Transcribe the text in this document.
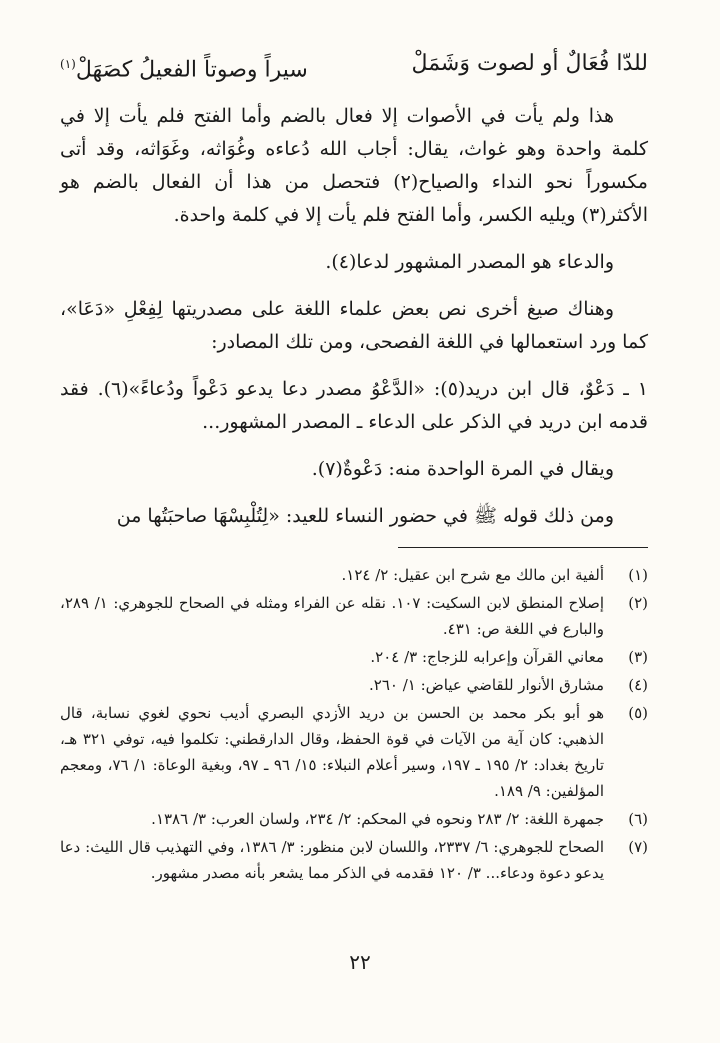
للدّا فُعَالٌ أو لصوت وَشَمَلْ
سيراً وصوتاً الفعيلُ كصَهَلْ$^{(١)}$

هذا ولم يأت في الأصوات إلا فعال بالضم وأما الفتح فلم يأت إلا في كلمة واحدة وهو غواث، يقال: أجاب الله دُعاءه وغُوَاثه، وغَوَاثه، وقد أتى مكسوراً نحو النداء والصياح(٢) فتحصل من هذا أن الفعال بالضم هو الأكثر(٣) ويليه الكسر، وأما الفتح فلم يأت إلا في كلمة واحدة.

والدعاء هو المصدر المشهور لدعا(٤).

وهناك صيغ أخرى نص بعض علماء اللغة على مصدريتها لِفِعْلِ «دَعَا»، كما ورد استعمالها في اللغة الفصحى، ومن تلك المصادر:

١ ـ دَعْوٌ، قال ابن دريد(٥): «الدَّعْوُ مصدر دعا يدعو دَعْواً ودُعاءً»(٦). فقد قدمه ابن دريد في الذكر على الدعاء ـ المصدر المشهور...

ويقال في المرة الواحدة منه: دَعْوةٌ(٧).

ومن ذلك قوله ﷺ في حضور النساء للعيد: «لِتُلْبِسْهَا صاحبَتُها من

(١)
ألفية ابن مالك مع شرح ابن عقيل: ٢/ ١٢٤.
(٢)
إصلاح المنطق لابن السكيت: ١٠٧. نقله عن الفراء ومثله في الصحاح للجوهري: ١/ ٢٨٩، والبارع في اللغة ص: ٤٣١.
(٣)
معاني القرآن وإعرابه للزجاج: ٣/ ٢٠٤.
(٤)
مشارق الأنوار للقاضي عياض: ١/ ٢٦٠.
(٥)
هو أبو بكر محمد بن الحسن بن دريد الأزدي البصري أديب نحوي لغوي نسابة، قال الذهبي: كان آية من الآيات في قوة الحفظ، وقال الدارقطني: تكلموا فيه، توفي ٣٢١ هـ، تاريخ بغداد: ٢/ ١٩٥ ـ ١٩٧، وسير أعلام النبلاء: ١٥/ ٩٦ ـ ٩٧، وبغية الوعاة: ١/ ٧٦، ومعجم المؤلفين: ٩/ ١٨٩.
(٦)
جمهرة اللغة: ٢/ ٢٨٣ ونحوه في المحكم: ٢/ ٢٣٤، ولسان العرب: ٣/ ١٣٨٦.
(٧)
الصحاح للجوهري: ٦/ ٢٣٣٧، واللسان لابن منظور: ٣/ ١٣٨٦، وفي التهذيب قال الليث: دعا يدعو دعوة ودعاء... ٣/ ١٢٠ فقدمه في الذكر مما يشعر بأنه مصدر مشهور.
٢٢
